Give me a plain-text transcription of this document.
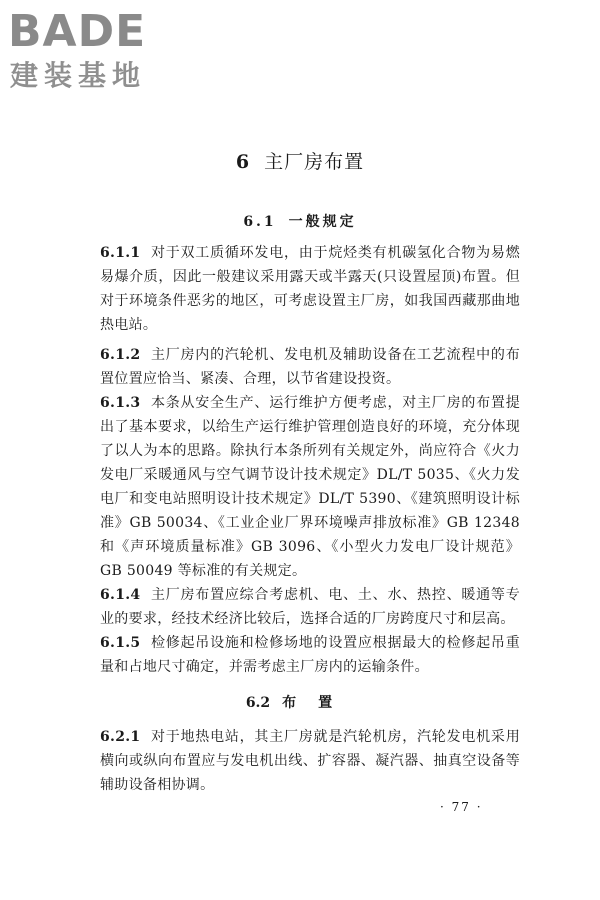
BADE
建装基地
6 主厂房布置
6.1 一般规定
6.1.1 对于双工质循环发电，由于烷烃类有机碳氢化合物为易燃易爆介质，因此一般建议采用露天或半露天(只设置屋顶)布置。但对于环境条件恶劣的地区，可考虑设置主厂房，如我国西藏那曲地热电站。
6.1.2 主厂房内的汽轮机、发电机及辅助设备在工艺流程中的布置位置应恰当、紧凑、合理，以节省建设投资。
6.1.3 本条从安全生产、运行维护方便考虑，对主厂房的布置提出了基本要求，以给生产运行维护管理创造良好的环境，充分体现了以人为本的思路。除执行本条所列有关规定外，尚应符合《火力发电厂采暖通风与空气调节设计技术规定》DL/T 5035、《火力发电厂和变电站照明设计技术规定》DL/T 5390、《建筑照明设计标准》GB 50034、《工业企业厂界环境噪声排放标准》GB 12348 和《声环境质量标准》GB 3096、《小型火力发电厂设计规范》GB 50049 等标准的有关规定。
6.1.4 主厂房布置应综合考虑机、电、土、水、热控、暖通等专业的要求，经技术经济比较后，选择合适的厂房跨度尺寸和层高。
6.1.5 检修起吊设施和检修场地的设置应根据最大的检修起吊重量和占地尺寸确定，并需考虑主厂房内的运输条件。
6.2 布置
6.2.1 对于地热电站，其主厂房就是汽轮机房，汽轮发电机采用横向或纵向布置应与发电机出线、扩容器、凝汽器、抽真空设备等辅助设备相协调。
· 77 ·
